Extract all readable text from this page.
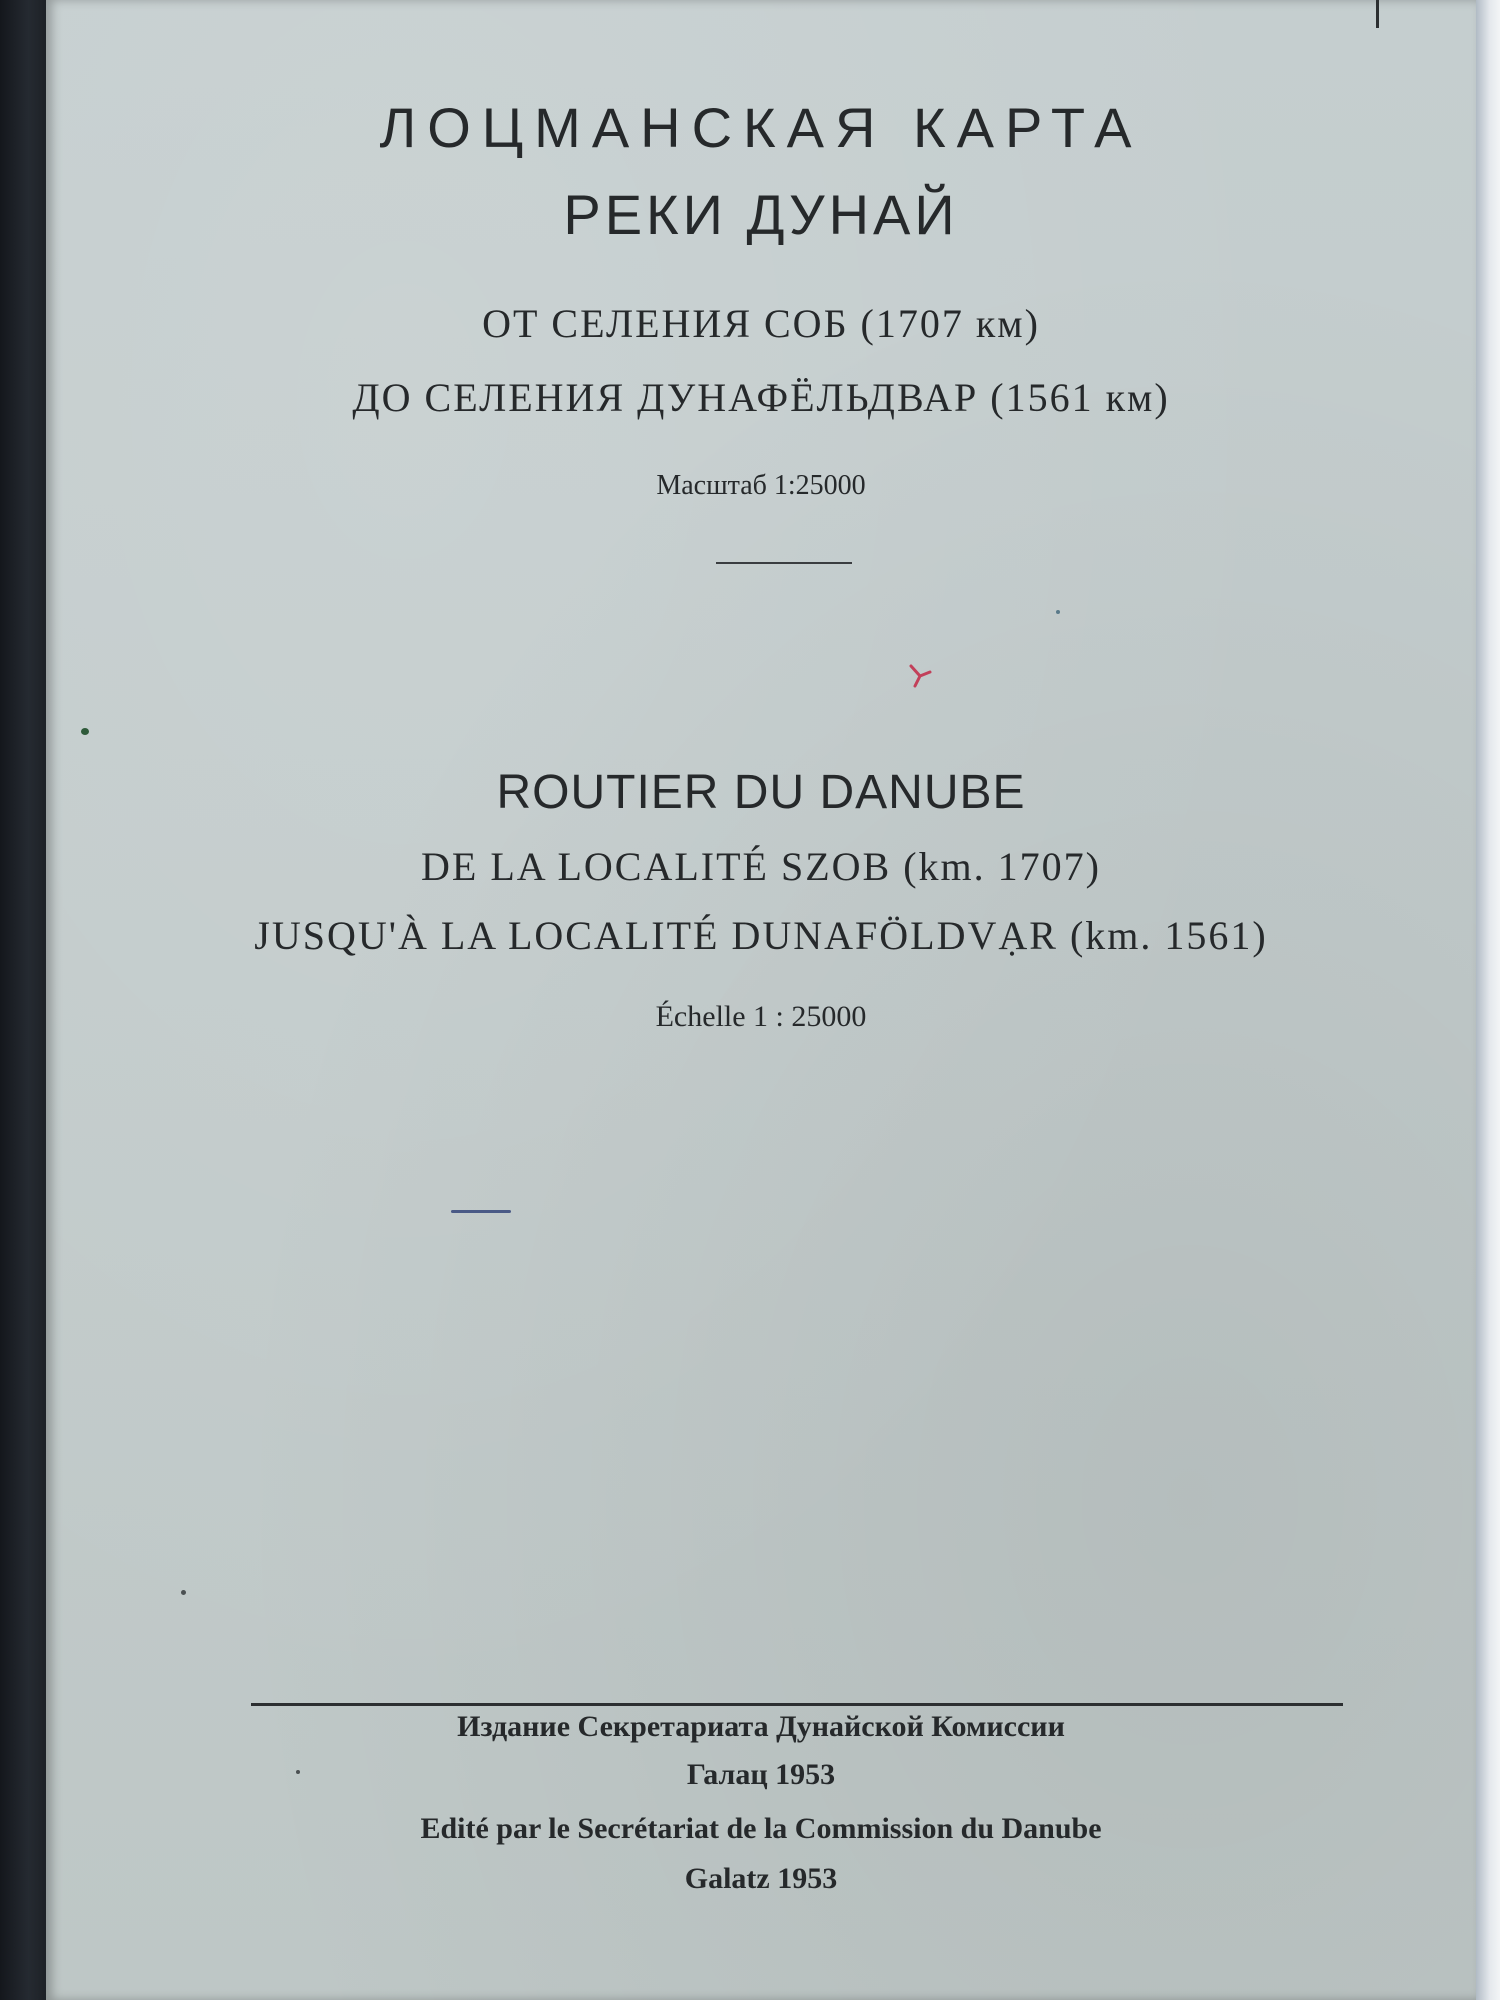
ЛОЦМАНСКАЯ КАРТА
РЕКИ ДУНАЙ
ОТ СЕЛЕНИЯ СОБ (1707 км)
ДО СЕЛЕНИЯ ДУНАФЁЛЬДВАР (1561 км)
Масштаб 1:25000
ROUTIER DU DANUBE
DE LA LOCALITÉ SZOB (km. 1707)
JUSQU'À LA LOCALITÉ DUNAFÖLDVẠR (km. 1561)
Échelle 1 : 25000
Издание Секретариата Дунайской Комиссии
Галац 1953
Edité par le Secrétariat de la Commission du Danube
Galatz 1953
